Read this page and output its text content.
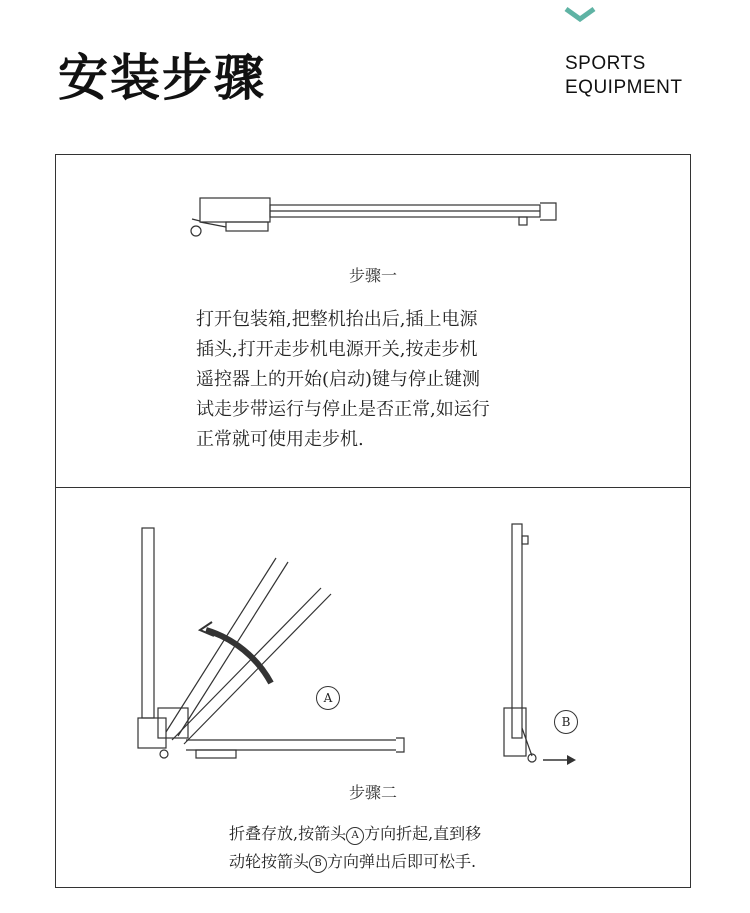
安装步骤	SPORTS
EQUIPMENT
步骤一
打开包装箱,把整机抬出后,插上电源
插头,打开走步机电源开关,按走步机
遥控器上的开始(启动)键与停止键测
试走步带运行与停止是否正常,如运行
正常就可使用走步机.
A
B
步骤二
折叠存放,按箭头 A 方向折起,直到移
动轮按箭头 B 方向弹出后即可松手.
